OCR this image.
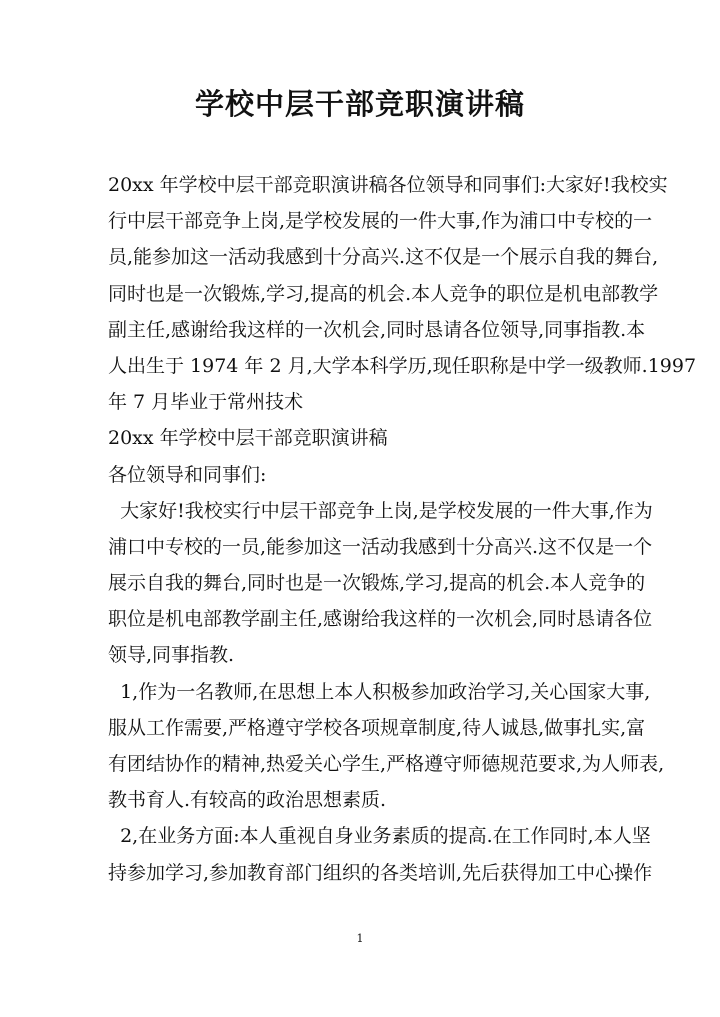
学校中层干部竞职演讲稿
20xx 年学校中层干部竞职演讲稿各位领导和同事们:大家好!我校实
行中层干部竞争上岗,是学校发展的一件大事,作为浦口中专校的一
员,能参加这一活动我感到十分高兴.这不仅是一个展示自我的舞台,
同时也是一次锻炼,学习,提高的机会.本人竞争的职位是机电部教学
副主任,感谢给我这样的一次机会,同时恳请各位领导,同事指教.本
人出生于 1974 年 2 月,大学本科学历,现任职称是中学一级教师.1997
年 7 月毕业于常州技术
20xx 年学校中层干部竞职演讲稿
各位领导和同事们:
大家好!我校实行中层干部竞争上岗,是学校发展的一件大事,作为
浦口中专校的一员,能参加这一活动我感到十分高兴.这不仅是一个
展示自我的舞台,同时也是一次锻炼,学习,提高的机会.本人竞争的
职位是机电部教学副主任,感谢给我这样的一次机会,同时恳请各位
领导,同事指教.
1,作为一名教师,在思想上本人积极参加政治学习,关心国家大事,
服从工作需要,严格遵守学校各项规章制度,待人诚恳,做事扎实,富
有团结协作的精神,热爱关心学生,严格遵守师德规范要求,为人师表,
教书育人.有较高的政治思想素质.
2,在业务方面:本人重视自身业务素质的提高.在工作同时,本人坚
持参加学习,参加教育部门组织的各类培训,先后获得加工中心操作
1
